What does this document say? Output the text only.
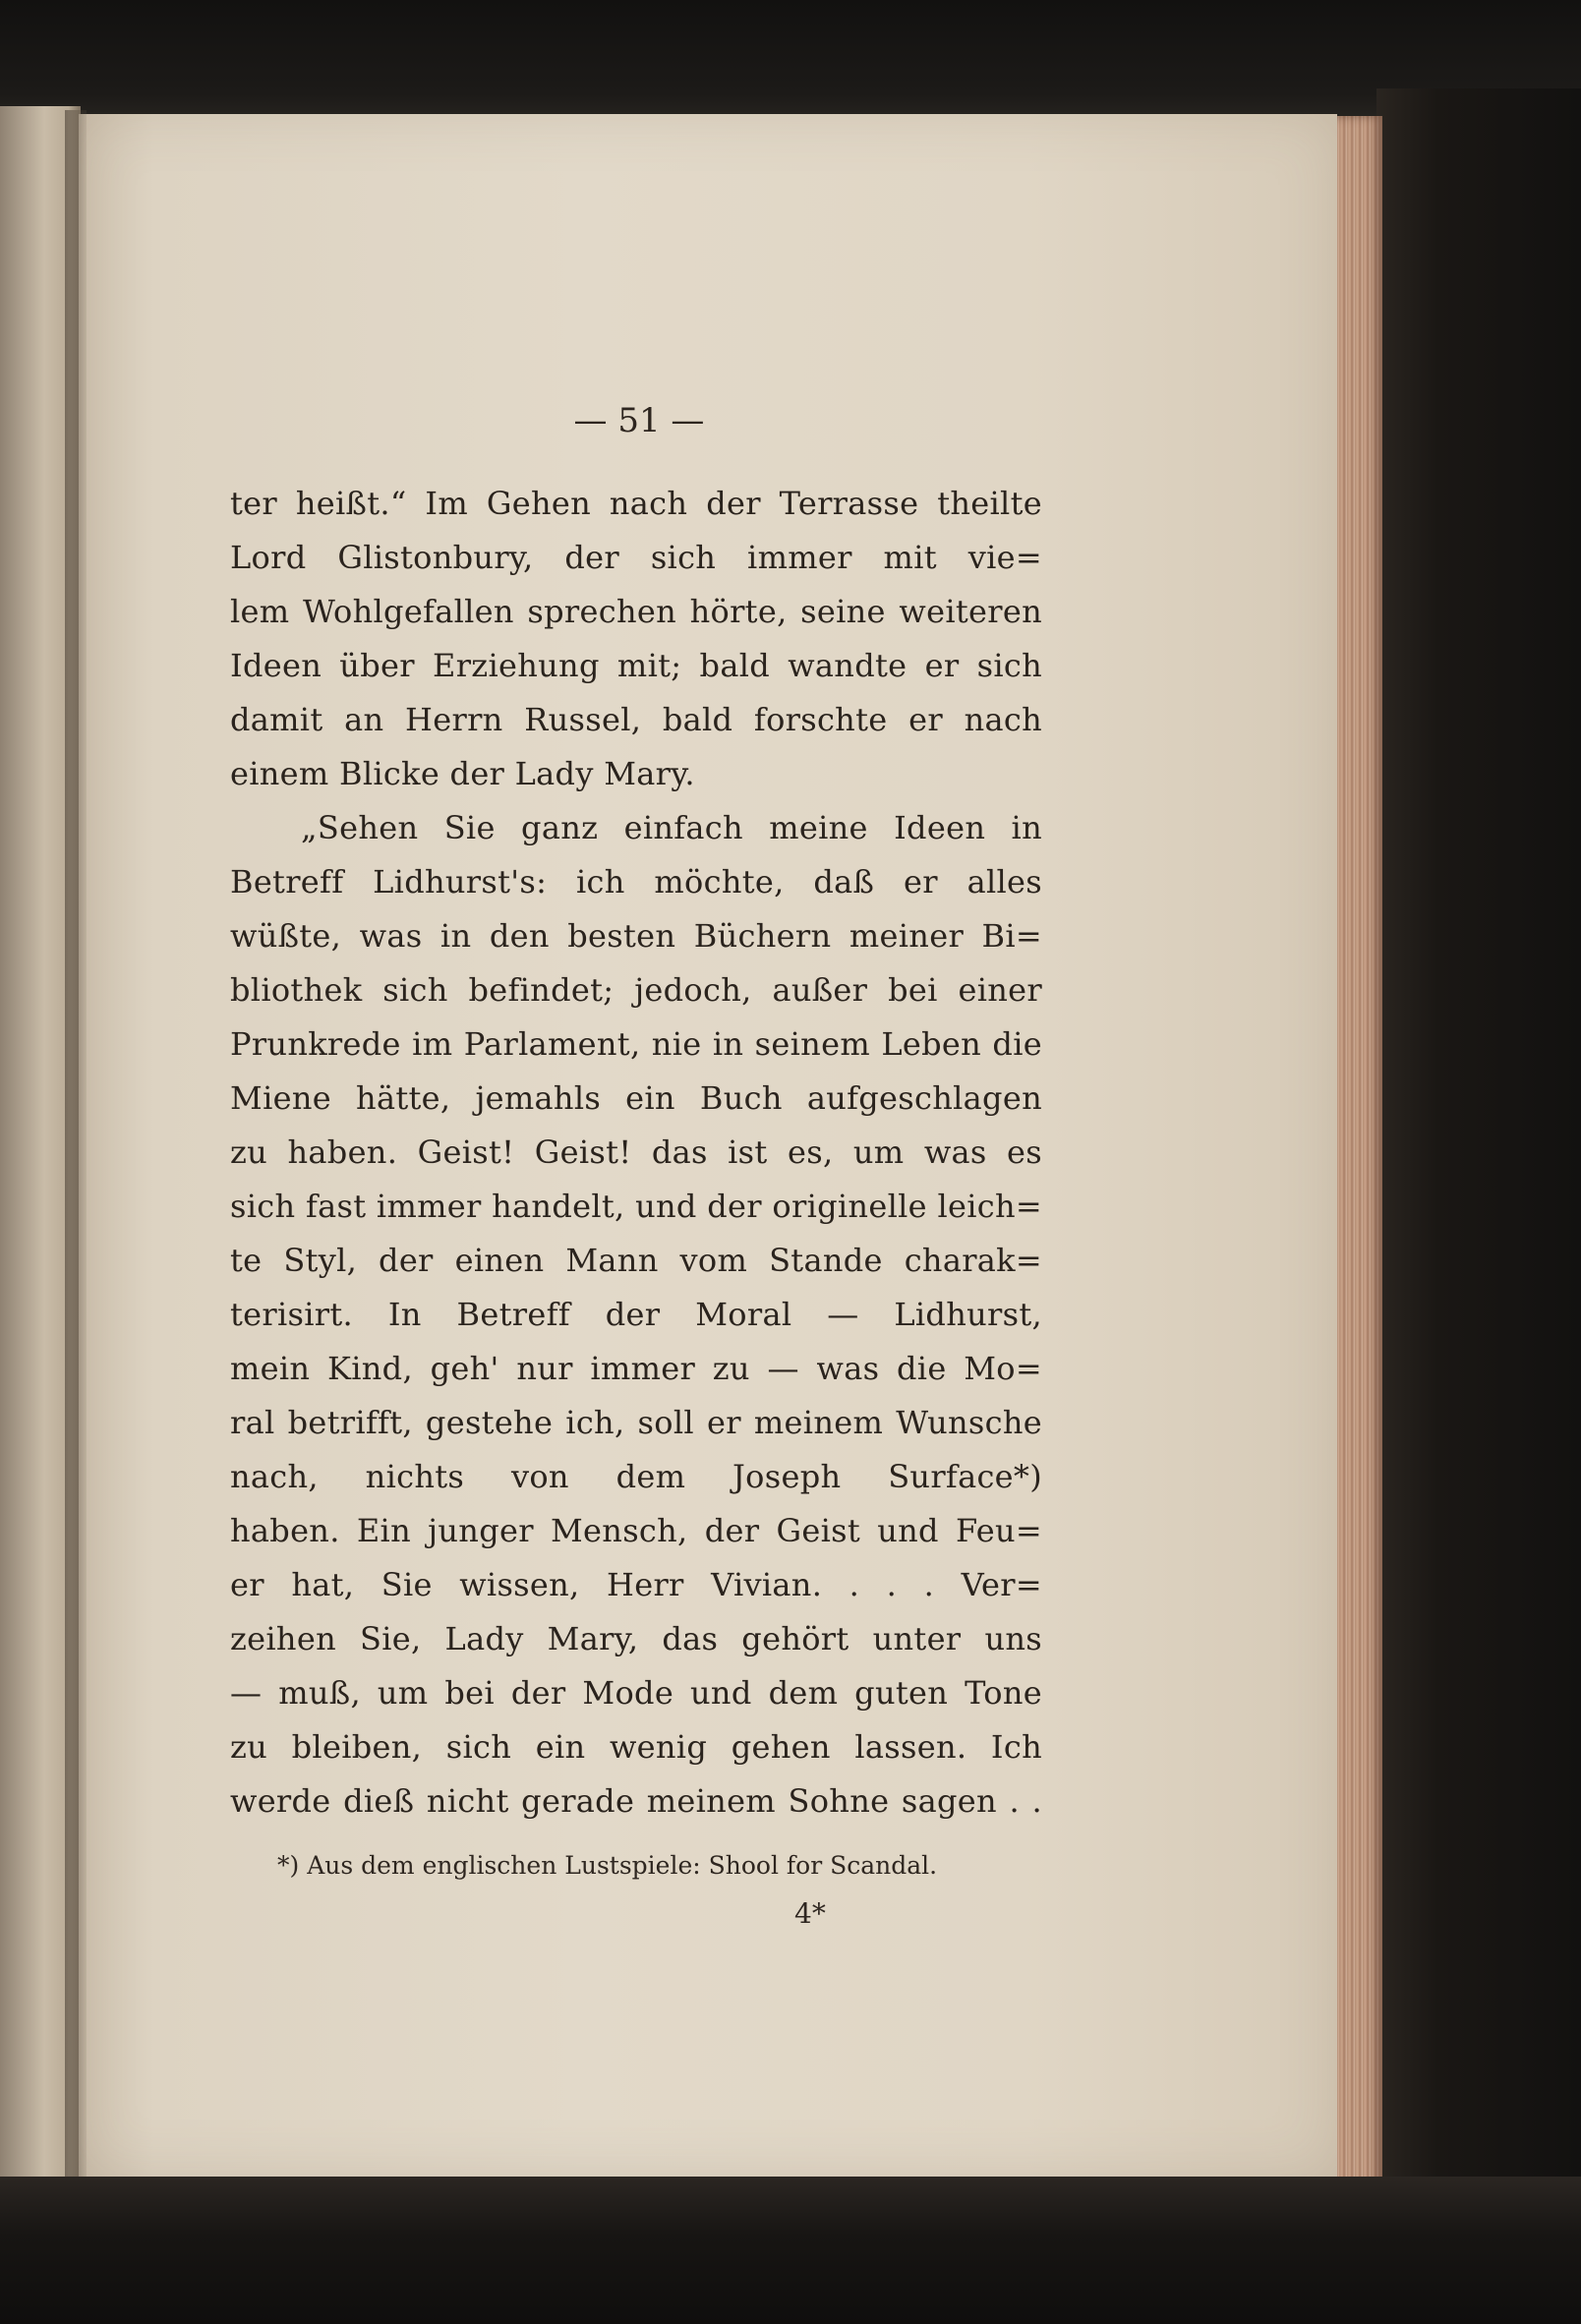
— 51 —
ter heißt.“ Im Gehen nach der Terrasse theilte
Lord Glistonbury, der sich immer mit vie=
lem Wohlgefallen sprechen hörte, seine weiteren
Ideen über Erziehung mit; bald wandte er sich
damit an Herrn Russel, bald forschte er nach
einem Blicke der Lady Mary.
„Sehen Sie ganz einfach meine Ideen in
Betreff Lidhurst's: ich möchte, daß er alles
wüßte, was in den besten Büchern meiner Bi=
bliothek sich befindet; jedoch, außer bei einer
Prunkrede im Parlament, nie in seinem Leben die
Miene hätte, jemahls ein Buch aufgeschlagen
zu haben. Geist! Geist! das ist es, um was es
sich fast immer handelt, und der originelle leich=
te Styl, der einen Mann vom Stande charak=
terisirt. In Betreff der Moral — Lidhurst,
mein Kind, geh' nur immer zu — was die Mo=
ral betrifft, gestehe ich, soll er meinem Wunsche
nach, nichts von dem Joseph Surface*)
haben. Ein junger Mensch, der Geist und Feu=
er hat, Sie wissen, Herr Vivian. . . . Ver=
zeihen Sie, Lady Mary, das gehört unter uns
— muß, um bei der Mode und dem guten Tone
zu bleiben, sich ein wenig gehen lassen. Ich
werde dieß nicht gerade meinem Sohne sagen . .
*) Aus dem englischen Lustspiele: Shool for Scandal.
4*
